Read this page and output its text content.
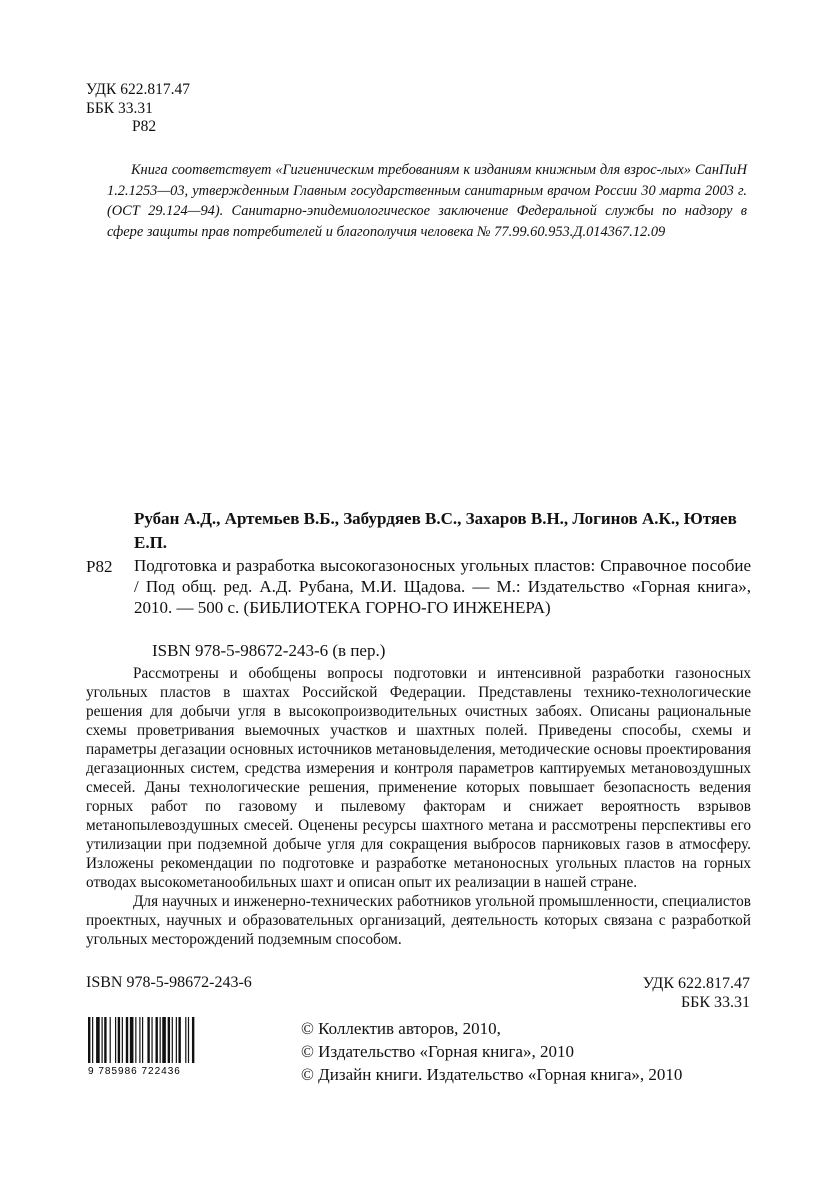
УДК 622.817.47
ББК 33.31
Р82
Книга соответствует «Гигиеническим требованиям к изданиям книжным для взрос-лых» СанПиН 1.2.1253—03, утвержденным Главным государственным санитарным врачом России 30 марта 2003 г. (ОСТ 29.124—94). Санитарно-эпидемиологическое заключение Федеральной службы по надзору в сфере защиты прав потребителей и благополучия человека № 77.99.60.953.Д.014367.12.09
Рубан А.Д., Артемьев В.Б., Забурдяев В.С., Захаров В.Н., Логинов А.К., Ютяев Е.П.
Р82 Подготовка и разработка высокогазоносных угольных пластов: Справочное пособие / Под общ. ред. А.Д. Рубана, М.И. Щадова. — М.: Издательство «Горная книга», 2010. — 500 с. (БИБЛИОТЕКА ГОРНО-ГО ИНЖЕНЕРА)
ISBN 978-5-98672-243-6 (в пер.)

Рассмотрены и обобщены вопросы подготовки и интенсивной разработки газоносных угольных пластов в шахтах Российской Федерации. Представлены технико-технологические решения для добычи угля в высокопроизводительных очистных забоях. Описаны рациональные схемы проветривания выемочных участков и шахтных полей. Приведены способы, схемы и параметры дегазации основных источников метановыделения, методические основы проектирования дегазационных систем, средства измерения и контроля параметров каптируемых метановоздушных смесей. Даны технологические решения, применение которых повышает безопасность ведения горных работ по газовому и пылевому факторам и снижает вероятность взрывов метанопылевоздушных смесей. Оценены ресурсы шахтного метана и рассмотрены перспективы его утилизации при подземной добыче угля для сокращения выбросов парниковых газов в атмосферу. Изложены рекомендации по подготовке и разработке метаноносных угольных пластов на горных отводах высокометанообильных шахт и описан опыт их реализации в нашей стране.

Для научных и инженерно-технических работников угольной промышленности, специалистов проектных, научных и образовательных организаций, деятельность которых связана с разработкой угольных месторождений подземным способом.

ISBN 978-5-98672-243-6	УДК 622.817.47
ББК 33.31
9 785986 722436
© Коллектив авторов, 2010,
© Издательство «Горная книга», 2010
© Дизайн книги. Издательство «Горная книга», 2010
